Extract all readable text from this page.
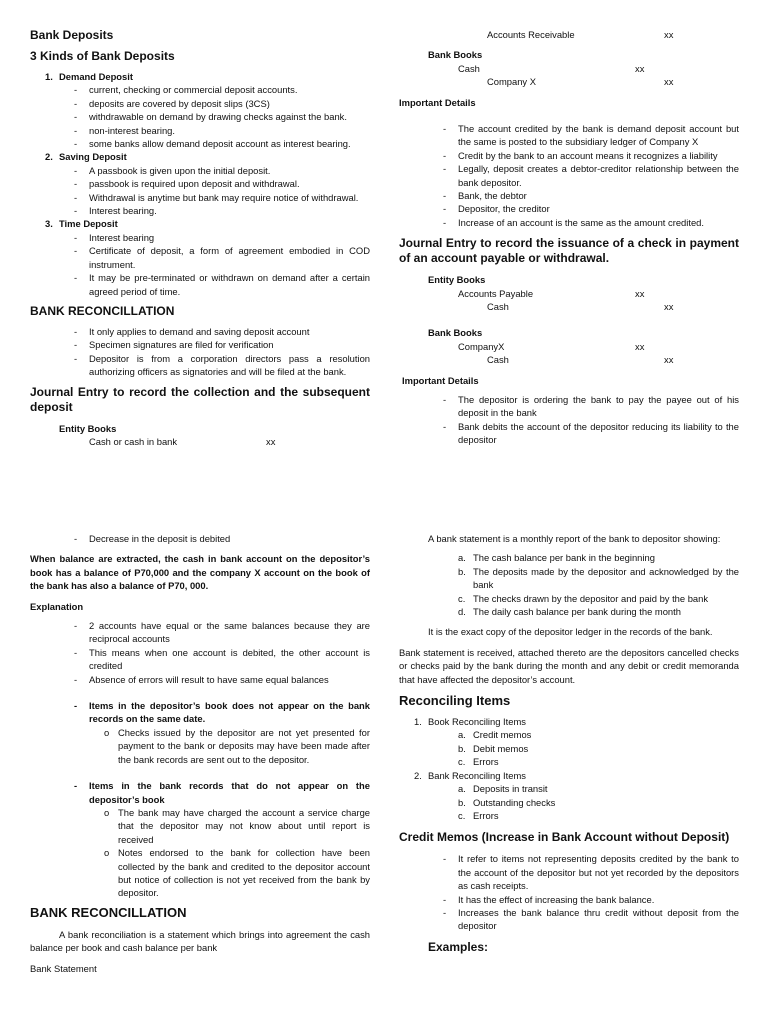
Bank Deposits
3 Kinds of Bank Deposits
1. Demand Deposit
- current, checking or commercial deposit accounts.
- deposits are covered by deposit slips (3CS)
- withdrawable on demand by drawing checks against the bank.
- non-interest bearing.
- some banks allow demand deposit account as interest bearing.
2. Saving Deposit
- A passbook is given upon the initial deposit.
- passbook is required upon deposit and withdrawal.
- Withdrawal is anytime but bank may require notice of withdrawal.
- Interest bearing.
3. Time Deposit
- Interest bearing
- Certificate of deposit, a form of agreement embodied in COD instrument.
- It may be pre-terminated or withdrawn on demand after a certain agreed period of time.
BANK RECONCILLATION
- It only applies to demand and saving deposit account
- Specimen signatures are filed for verification
- Depositor is from a corporation directors pass a resolution authorizing officers as signatories and will be filed at the bank.
Journal Entry to record the collection and the subsequent deposit
Entity Books
Cash or cash in bank	xx
Accounts Receivable	xx
Bank Books
Cash	xx
Company X	xx
Important Details
- The account credited by the bank is demand deposit account but the same is posted to the subsidiary ledger of Company X
- Credit by the bank to an account means it recognizes a liability
- Legally, deposit creates a debtor-creditor relationship between the bank depositor.
- Bank, the debtor
- Depositor, the creditor
- Increase of an account is the same as the amount credited.
Journal Entry to record the issuance of a check in payment of an account payable or withdrawal.
Entity Books
Accounts Payable	xx
Cash	xx
Bank Books
CompanyX	xx
Cash	xx
Important Details
- The depositor is ordering the bank to pay the payee out of his deposit in the bank
- Bank debits the account of the depositor reducing its liability to the depositor
- Decrease in the deposit is debited

When balance are extracted, the cash in bank account on the depositor’s book has a balance of P70,000 and the company X account on the book of the bank has also a balance of P70, 000.

Explanation
- 2 accounts have equal or the same balances because they are reciprocal accounts
- This means when one account is debited, the other account is credited
- Absence of errors will result to have same equal balances
- Items in the depositor’s book does not appear on the bank records on the same date.
o Checks issued by the depositor are not yet presented for payment to the bank or deposits may have been made after the bank records are sent out to the depositor.
- Items in the bank records that do not appear on the depositor’s book
o The bank may have charged the account a service charge that the depositor may not know about until report is received
o Notes endorsed to the bank for collection have been collected by the bank and credited to the depositor account but notice of collection is not yet received from the bank by depositor.
BANK RECONCILLATION

A bank reconciliation is a statement which brings into agreement the cash balance per book and cash balance per bank

Bank Statement
A bank statement is a monthly report of the bank to depositor showing:
a. The cash balance per bank in the beginning
b. The deposits made by the depositor and acknowledged by the bank
c. The checks drawn by the depositor and paid by the bank
d. The daily cash balance per bank during the month
It is the exact copy of the depositor ledger in the records of the bank.

Bank statement is received, attached thereto are the depositors cancelled checks or checks paid by the bank during the month and any debit or credit memoranda that have affected the depositor’s account.

Reconciling Items
1. Book Reconciling Items
a. Credit memos
b. Debit memos
c. Errors
2. Bank Reconciling Items
a. Deposits in transit
b. Outstanding checks
c. Errors
Credit Memos (Increase in Bank Account without Deposit)
- It refer to items not representing deposits credited by the bank to the account of the depositor but not yet recorded by the depositors as cash receipts.
- It has the effect of increasing the bank balance.
- Increases the bank balance thru credit without deposit from the depositor
Examples:
